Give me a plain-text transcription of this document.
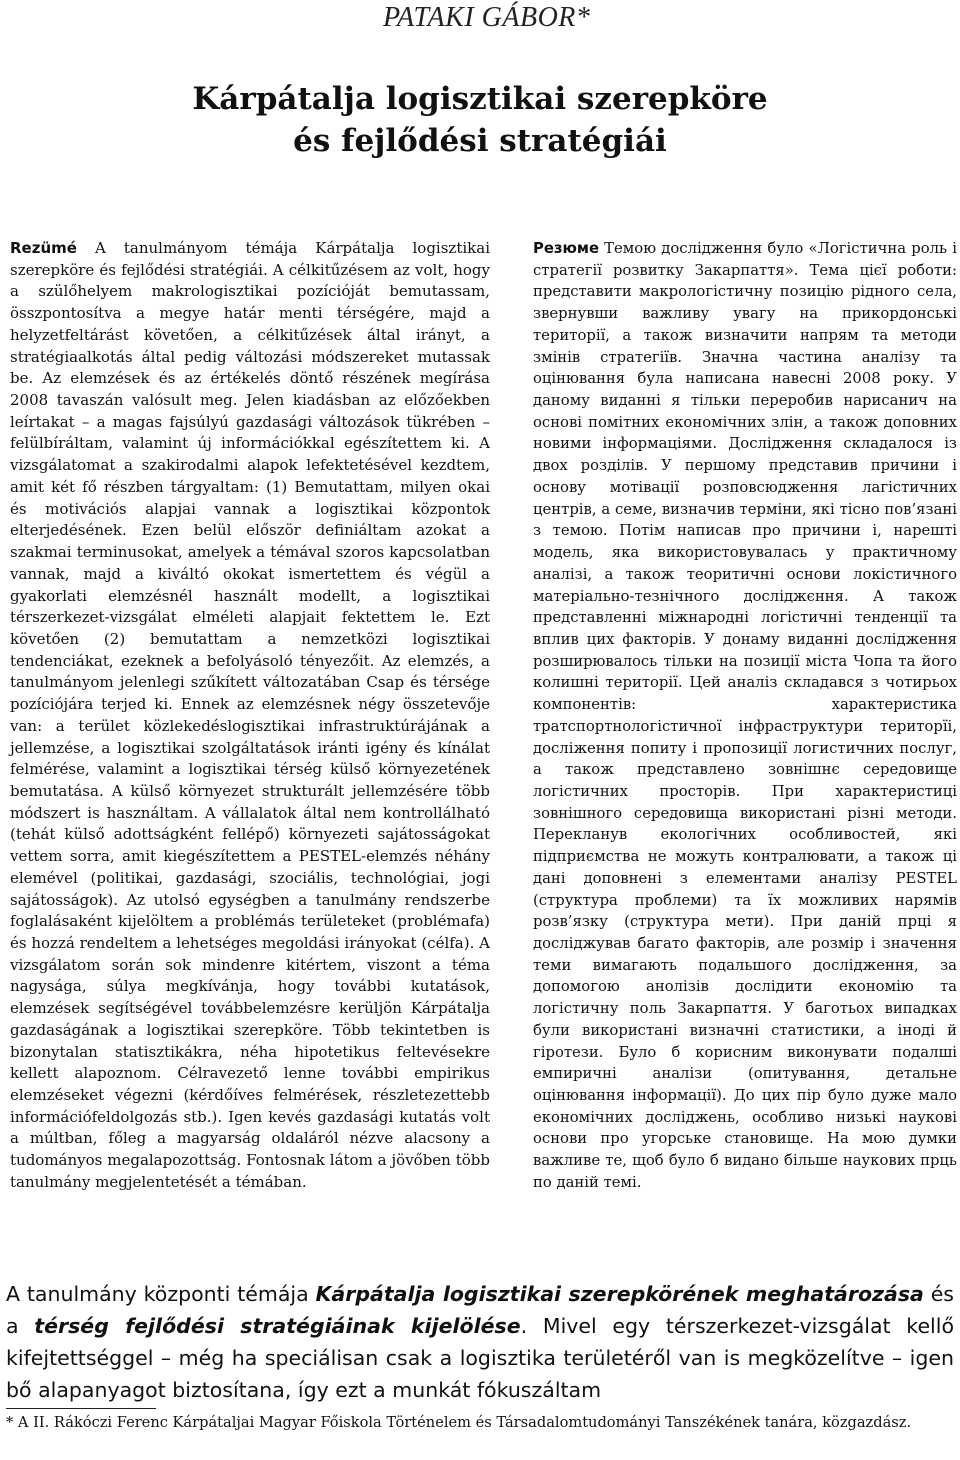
PATAKI GÁBOR*
Kárpátalja logisztikai szerepköre
és fejlődési stratégiái

Rezümé A tanulmányom témája Kárpátalja logisztikai szerepköre és fejlődési stratégiái. A célkitűzésem az volt, hogy a szülőhelyem makrologisztikai pozícióját bemutassam, összpontosítva a megye határ menti térségére, majd a helyzetfeltárást követően, a célkitűzések által irányt, a stratégiaalkotás által pedig változási módszereket mutassak be. Az elemzések és az értékelés döntő részének megírása 2008 tavaszán valósult meg. Jelen kiadásban az előzőekben leírtakat – a magas fajsúlyú gazdasági változások tükrében – felülbíráltam, valamint új információkkal egészítettem ki. A vizsgálatomat a szakirodalmi alapok lefektetésével kezdtem, amit két fő részben tárgyaltam: (1) Bemutattam, milyen okai és motivációs alapjai vannak a logisztikai központok elterjedésének. Ezen belül először definiáltam azokat a szakmai terminusokat, amelyek a témával szoros kapcsolatban vannak, majd a kiváltó okokat ismertettem és végül a gyakorlati elemzésnél használt modellt, a logisztikai térszerkezet-vizsgálat elméleti alapjait fektettem le. Ezt követően (2) bemutattam a nemzetközi logisztikai tendenciákat, ezeknek a befolyásoló tényezőit. Az elemzés, a tanulmányom jelenlegi szűkített változatában Csap és térsége pozíciójára terjed ki. Ennek az elemzésnek négy összetevője van: a terület közlekedéslogisztikai infrastruktúrájának a jellemzése, a logisztikai szolgáltatások iránti igény és kínálat felmérése, valamint a logisztikai térség külső környezetének bemutatása. A külső környezet strukturált jellemzésére több módszert is használtam. A vállalatok által nem kontrollálható (tehát külső adottságként fellépő) környezeti sajátosságokat vettem sorra, amit kiegészítettem a PESTEL-elemzés néhány elemével (politikai, gazdasági, szociális, technológiai, jogi sajátosságok). Az utolsó egységben a tanulmány rendszerbe foglalásaként kijelöltem a problémás területeket (problémafa) és hozzá rendeltem a lehetséges megoldási irányokat (célfa). A vizsgálatom során sok mindenre kitértem, viszont a téma nagysága, súlya megkívánja, hogy további kutatások, elemzések segítségével továbbelemzésre kerüljön Kárpátalja gazdaságának a logisztikai szerepköre. Több tekintetben is bizonytalan statisztikákra, néha hipotetikus feltevésekre kellett alapoznom. Célravezető lenne további empirikus elemzéseket végezni (kérdőíves felmérések, részletezettebb információfeldolgozás stb.). Igen kevés gazdasági kutatás volt a múltban, főleg a magyarság oldaláról nézve alacsony a tudományos megalapozottság. Fontosnak látom a jövőben több tanulmány megjelentetését a témában.

Резюме Темою дослідження було «Логістична роль і стратегії розвитку Закарпаття». Тема цієї роботи: представити макрологістичну позицію рідного села, звернувши важливу увагу на прикордонські території, а також визначити напрям та методи змінів стратегіїв. Значна частина аналізу та оцінювання була написана навесні 2008 року. У даному виданні я тільки переробив нарисанич на основі помітних економічних злін, а також доповних новими інформаціями. Дослідження складалося із двох розділів. У першому представив причини і основу мотівації розповсюдження лагістичних центрів, а семе, визначив терміни, які тісно пов’язані з темою. Потім написав про причини і, нарешті модель, яка використовувалась у практичному аналізі, а також теоритичні основи локістичного матеріально-тезнічного досліджєння. А також представленні міжнародні логістичні тенденції та вплив цих факторів. У донаму виданні дослідження розширювалось тільки на позиції міста Чопа та його колишні території. Цей аналіз складався з чотирьох компонентів: характеристика тратспортнологістичної інфраструктури територїі, досліження попиту і пропозиції логистичних послуг, а також представлено зовнішнє середовище логістичних просторів. При характеристиці зовнішного середовища використані різні методи. Перекланув екологічних особливостей, які підприємства не можуть контралювати, а також ці дані доповнені з елементами аналізу PESTEL (структура проблеми) та їх можливих нарямів розв’язку (структура мети). При даній прці я досліджував багато факторів, але розмір і значення теми вимагають подальшого дослідження, за допомогою анолізів дослідити економію та логістичну поль Закарпаття. У баготьох випадках були використані визначні статистики, а іноді й гіротези. Було б корисним виконувати подалші емпиричні аналізи (опитування, детальне оцінювання інформації). До цих пір було дуже мало економічних досліджень, особливо низькі наукові основи про угорське становище. На мою думки важливе те, щоб було б видано більше наукових прць по даній темі.

A tanulmány központi témája Kárpátalja logisztikai szerepkörének meghatározása és a térség fejlődési stratégiáinak kijelölése. Mivel egy térszerkezet-vizsgálat kellő kifejtettséggel – még ha speciálisan csak a logisztika területéről van is megközelítve – igen bő alapanyagot biztosítana, így ezt a munkát fókuszáltam

* A II. Rákóczi Ferenc Kárpátaljai Magyar Főiskola Történelem és Társadalomtudományi Tanszékének tanára, közgazdász.
